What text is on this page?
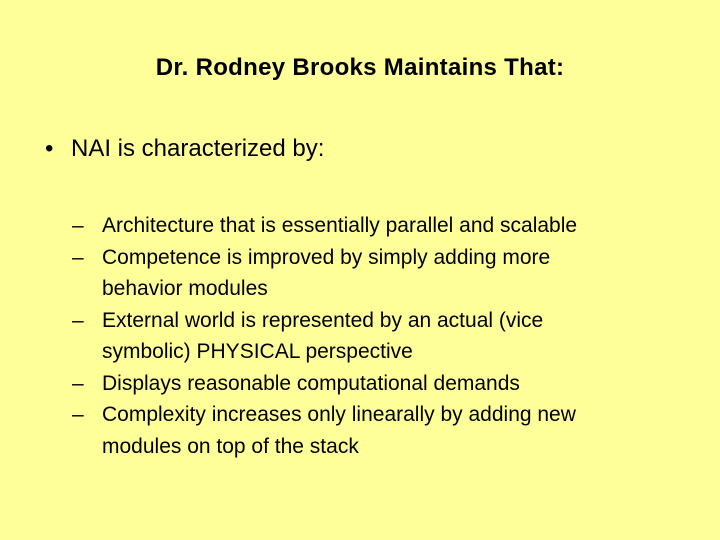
Dr. Rodney Brooks Maintains That:
• NAI is characterized by:
– Architecture that is essentially parallel and scalable
– Competence is improved by simply adding more
behavior modules
– External world is represented by an actual (vice
symbolic) PHYSICAL perspective
– Displays reasonable computational demands
– Complexity increases only linearally by adding new
modules on top of the stack
